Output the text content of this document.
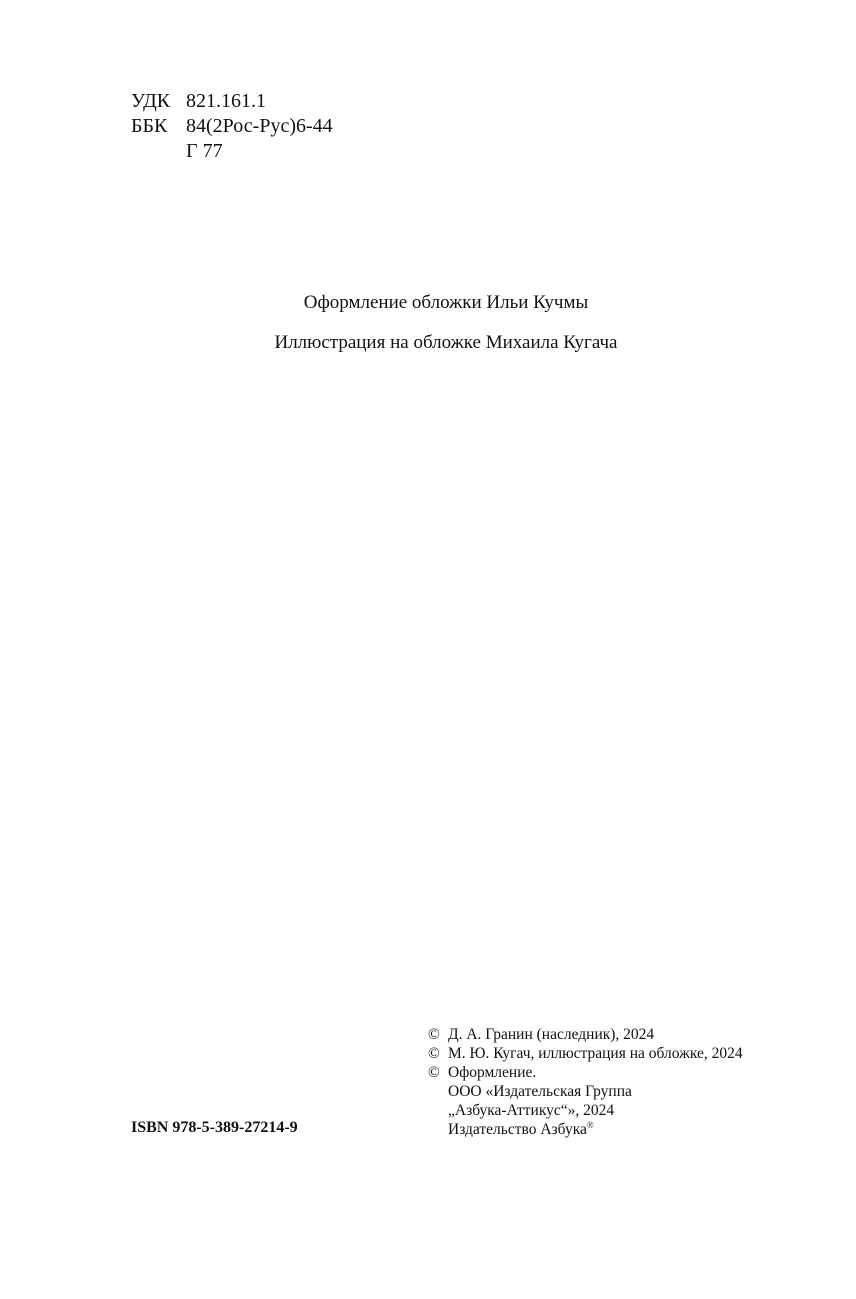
УДК 821.161.1
ББК 84(2Рос-Рус)6-44
Г 77
Оформление обложки Ильи Кучмы
Иллюстрация на обложке Михаила Кугача
ISBN 978-5-389-27214-9
© Д. А. Гранин (наследник), 2024
© М. Ю. Кугач, иллюстрация на обложке, 2024
© Оформление.
ООО «Издательская Группа
„Азбука-Аттикус“», 2024
Издательство Азбука®
